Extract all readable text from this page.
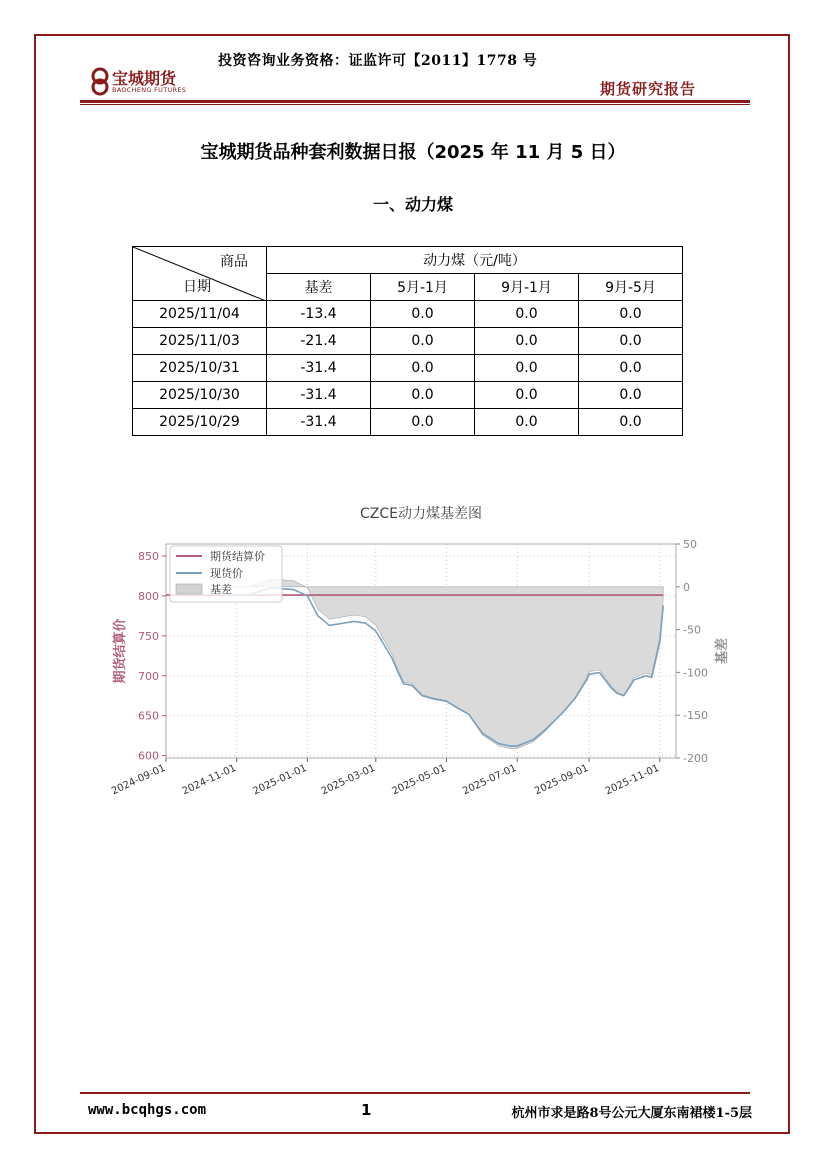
投资咨询业务资格：证监许可【2011】1778 号
宝城期货
BAOCHENG FUTURES	期货研究报告
宝城期货品种套利数据日报（2025 年 11 月 5 日）
一、动力煤
商品
日期	动力煤（元/吨）			
	基差	5月-1月	9月-1月	9月-5月
2025/11/04	-13.4	0.0	0.0	0.0
2025/11/03	-21.4	0.0	0.0	0.0
2025/10/31	-31.4	0.0	0.0	0.0
2025/10/30	-31.4	0.0	0.0	0.0
2025/10/29	-31.4	0.0	0.0	0.0
600
650
700
750
800
850
-200
-150
-100
-50
0
50
2024-09-01 2024-11-01 2025-01-01 2025-03-01 2025-05-01 2025-07-01 2025-09-01 2025-11-01
CZCE动力煤基差图
期货结算价	基差
期货结算价
现货价
基差
www.bcqhgs.com	1	杭州市求是路8号公元大厦东南裙楼1-5层
